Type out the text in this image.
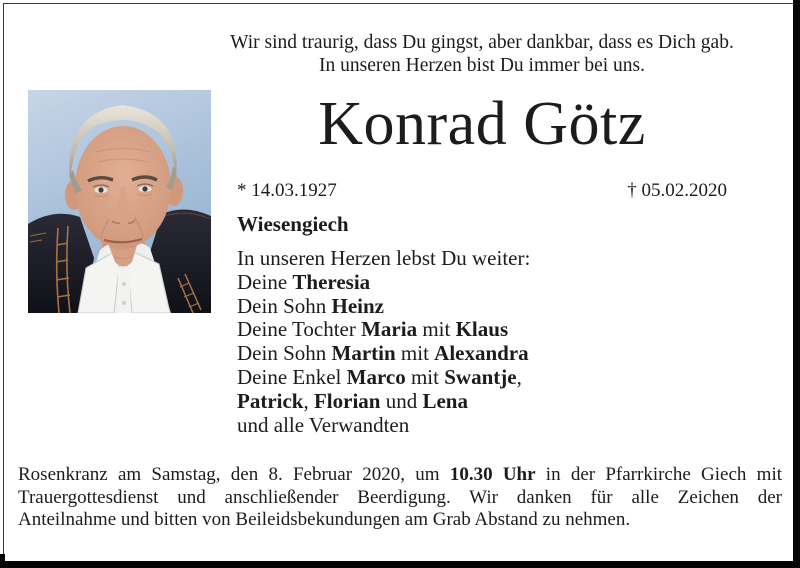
Wir sind traurig, dass Du gingst, aber dankbar, dass es Dich gab.
In unseren Herzen bist Du immer bei uns.
Konrad Götz
* 14.03.1927	† 05.02.2020
Wiesengiech
In unseren Herzen lebst Du weiter:
Deine Theresia
Dein Sohn Heinz
Deine Tochter Maria mit Klaus
Dein Sohn Martin mit Alexandra
Deine Enkel Marco mit Swantje,
Patrick, Florian und Lena
und alle Verwandten
Rosenkranz am Samstag, den 8. Februar 2020, um 10.30 Uhr in der Pfarrkirche Giech mit
Trauergottesdienst und anschließender Beerdigung. Wir danken für alle Zeichen der
Anteilnahme und bitten von Beileidsbekundungen am Grab Abstand zu nehmen.
